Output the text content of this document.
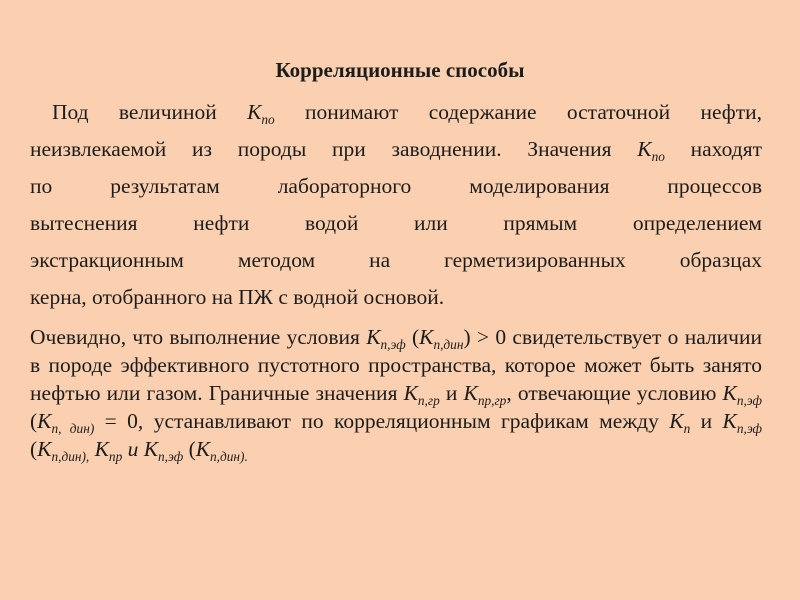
Корреляционные способы

Под величиной $К_{по}$ понимают содержание остаточной нефти,
неизвлекаемой из породы при заводнении. Значения $К_{по}$ находят
по результатам лабораторного моделирования процессов
вытеснения нефти водой или прямым определением
экстракционным методом на герметизированных образцах
керна, отобранного на ПЖ с водной основой.

Очевидно, что выполнение условия $К_{п,эф}$ $(К_{п,дин}) > 0$ свидетельствует о наличии в породе эффективного пустотного пространства, которое может быть занято нефтью или газом. Граничные значения $К_{п,гр}$ и $К_{пр,гр}$, отвечающие условию $К_{п,эф}$ ($К_{п, дин)} = 0$, устанавливают по корреляционным графикам между $К_п$ и $К_{п,эф}$ ($К_{п,дин),}$ $К_{пр}$ и $К_{п,эф}$ ($К_{п,дин).}$
